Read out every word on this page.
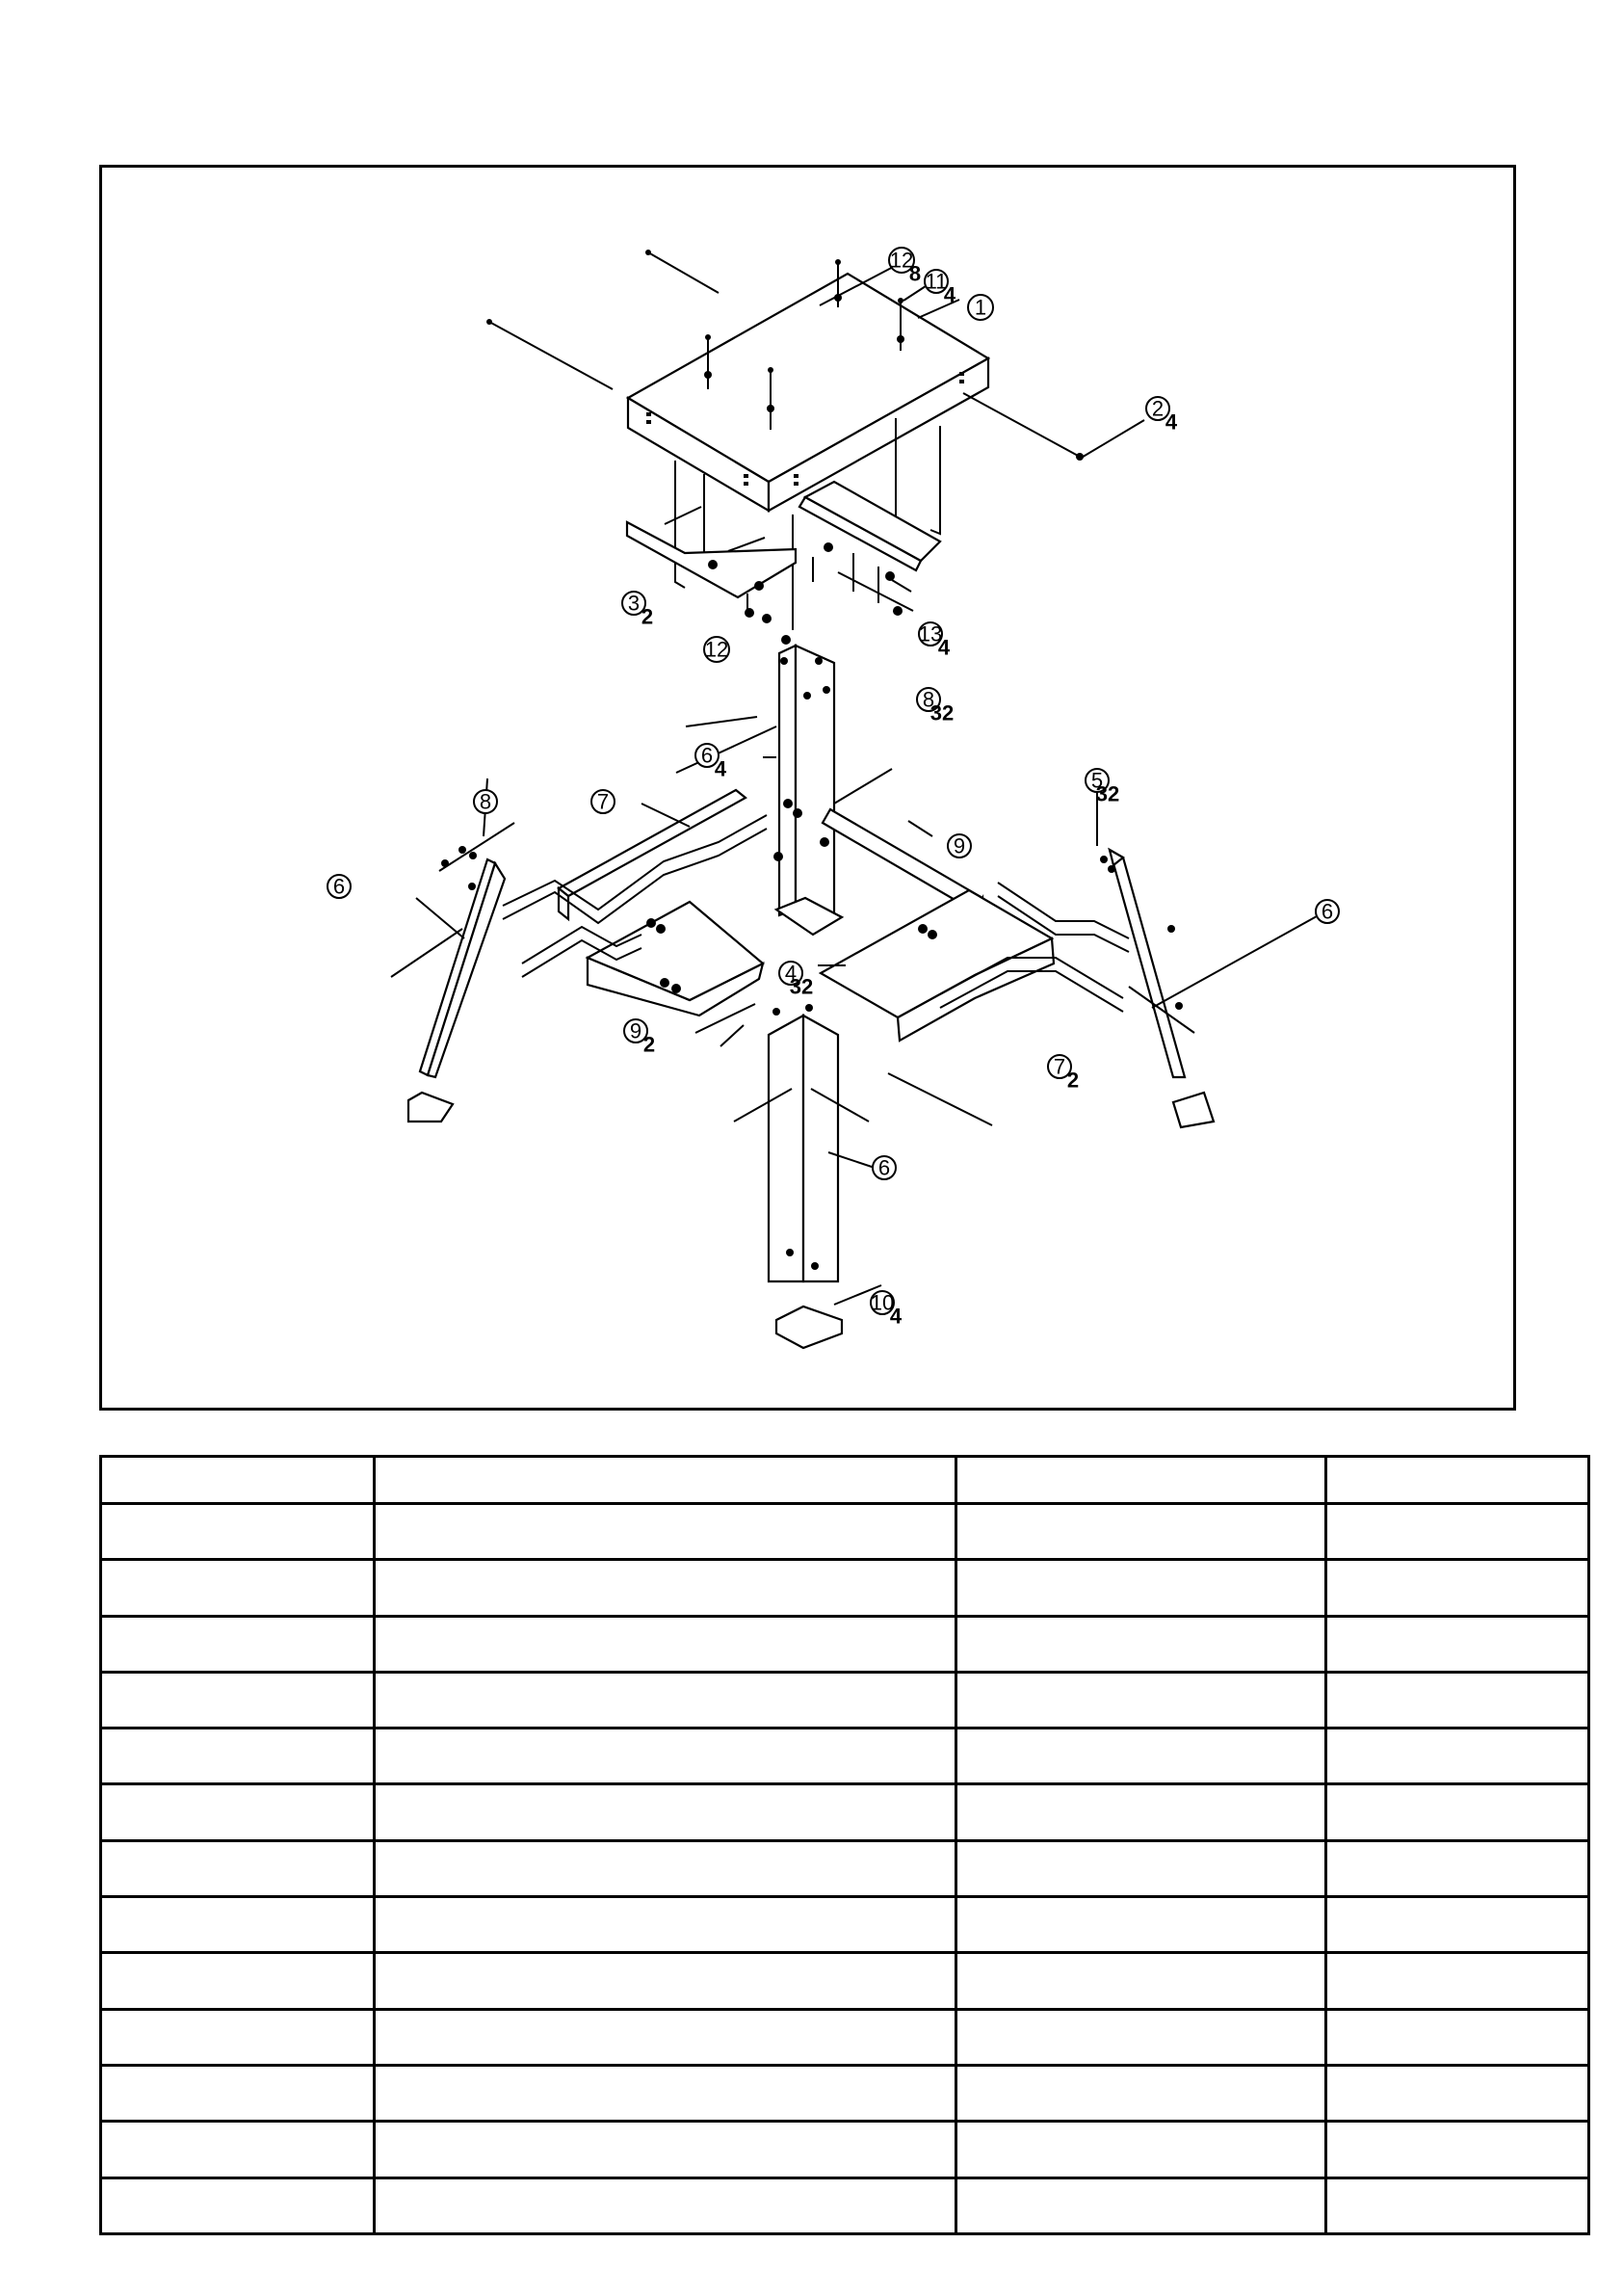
1
2
4
3
2
4
32
5
32
6
4
6
6
6
7
7
2
8
32
8
9
9
2
10
4
11
4
12
8
12
13
4
